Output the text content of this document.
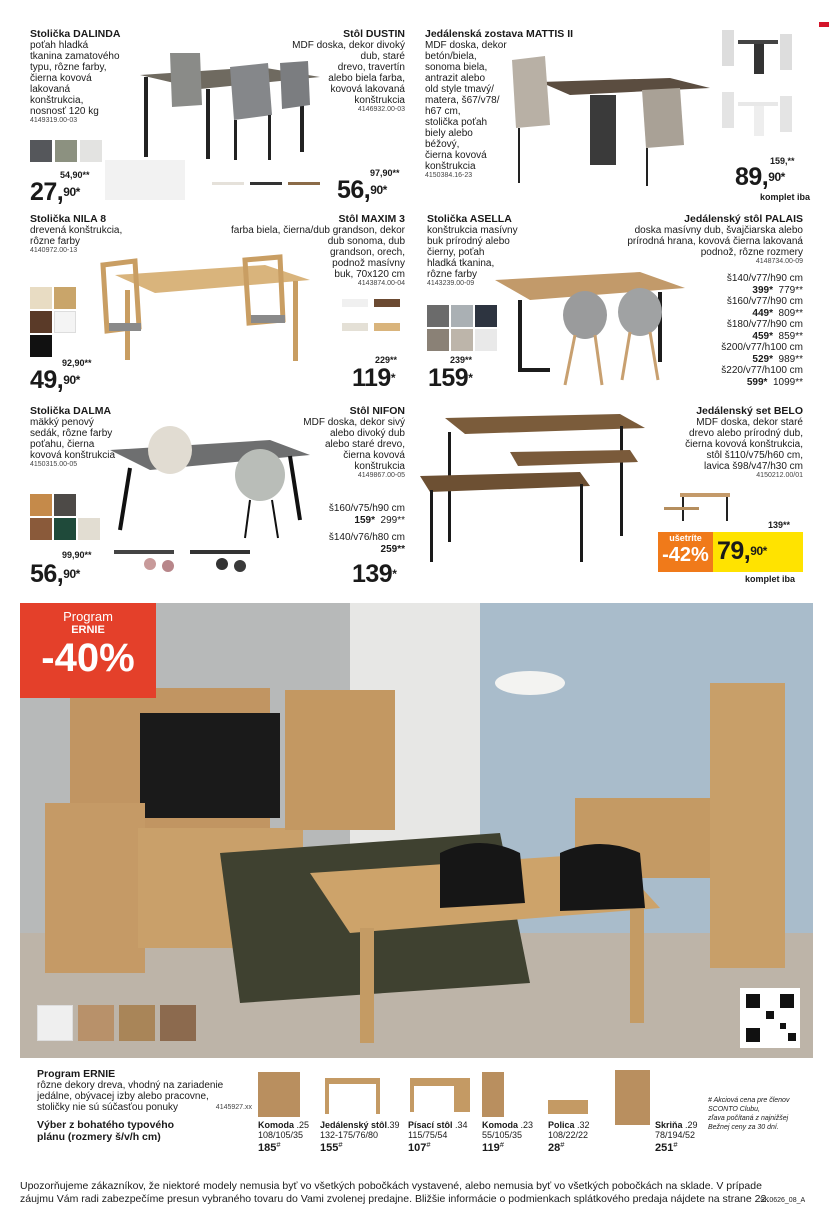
Stolička DALINDA
poťah hladká
tkanina zamatového
typu, rôzne farby,
čierna kovová
lakovaná
konštrukcia,
nosnosť 120 kg
4149319.00-03
54,90**
27,$^{90*}$
Stôl DUSTIN
MDF doska, dekor divoký
dub, staré
drevo, travertín
alebo biela farba,
kovová lakovaná
konštrukcia
4146932.00-03
97,90**
56,$^{90*}$
Jedálenská zostava MATTIS II
MDF doska, dekor
betón/biela,
sonoma biela,
antrazit alebo
old style tmavý/
matera, š67/v78/
h67 cm,
stolička poťah
biely alebo
béžový,
čierna kovová
konštrukcia
4150384.16-23
159,**
89,$^{90*}$
komplet iba
Stolička NILA 8
drevená konštrukcia,
rôzne farby
4140972.00-13
92,90**
49,$^{90*}$
Stôl MAXIM 3
farba biela, čierna/dub grandson, dekor
dub sonoma, dub
grandson, orech,
podnož masívny
buk, 70x120 cm
4143874.00-04
229**
119*
Stolička ASELLA
konštrukcia masívny
buk prírodný alebo
čierny, poťah
hladká tkanina,
rôzne farby
4143239.00-09
239**
159*
Jedálenský stôl PALAIS
doska masívny dub, švajčiarska alebo
prírodná hrana, kovová čierna lakovaná
podnož, rôzne rozmery
4148734.00-09
š140/v77/h90 cm
399* 779**
š160/v77/h90 cm
449* 809**
š180/v77/h90 cm
459* 859**
š200/v77/h100 cm
529* 989**
š220/v77/h100 cm
599* 1099**
Stolička DALMA
mäkký penový
sedák, rôzne farby
poťahu, čierna
kovová konštrukcia
4150315.00-05
99,90**
56,$^{90*}$
Stôl NIFON
MDF doska, dekor sivý
alebo divoký dub
alebo staré drevo,
čierna kovová
konštrukcia
4149867.00-05
š160/v75/h90 cm
159* 299**
š140/v76/h80 cm
259**
139*
Jedálenský set BELO
MDF doska, dekor staré
drevo alebo prírodný dub,
čierna kovová konštrukcia,
stôl š110/v75/h60 cm,
lavica š98/v47/h30 cm
4150212.00/01
139**
ušetríte
-42% 79,$^{90*}$
komplet iba
Program
ERNIE
-40%
Program ERNIE
rôzne dekory dreva, vhodný na zariadenie
jedálne, obývacej izby alebo pracovne,
stoličky nie sú súčasťou ponuky	4145927.xx
Výber z bohatého typového
plánu (rozmery š/v/h cm)
Komoda .25
108/105/35
185#
Jedálenský stôl.39
132-175/76/80
155#
Písací stôl .34
115/75/54
107#
Komoda .23
55/105/35
119#
Polica .32
108/22/22
28#
Skriňa .29
78/194/52
251#
# Akciová cena pre členov
SCONTO Clubu,
zľava počítaná z najnižšej
Bežnej ceny za 30 dní.
Upozorňujeme zákazníkov, že niektoré modely nemusia byť vo všetkých pobočkách vystavené, alebo nemusia byť vo všetkých pobočkách na sklade. V prípade záujmu Vám radi zabezpečíme presun vybraného tovaru do Vami zvolenej predajne. Bližšie informácie o podmienkach splátkového predaja nájdete na strane 22.
SK0626_08_A
